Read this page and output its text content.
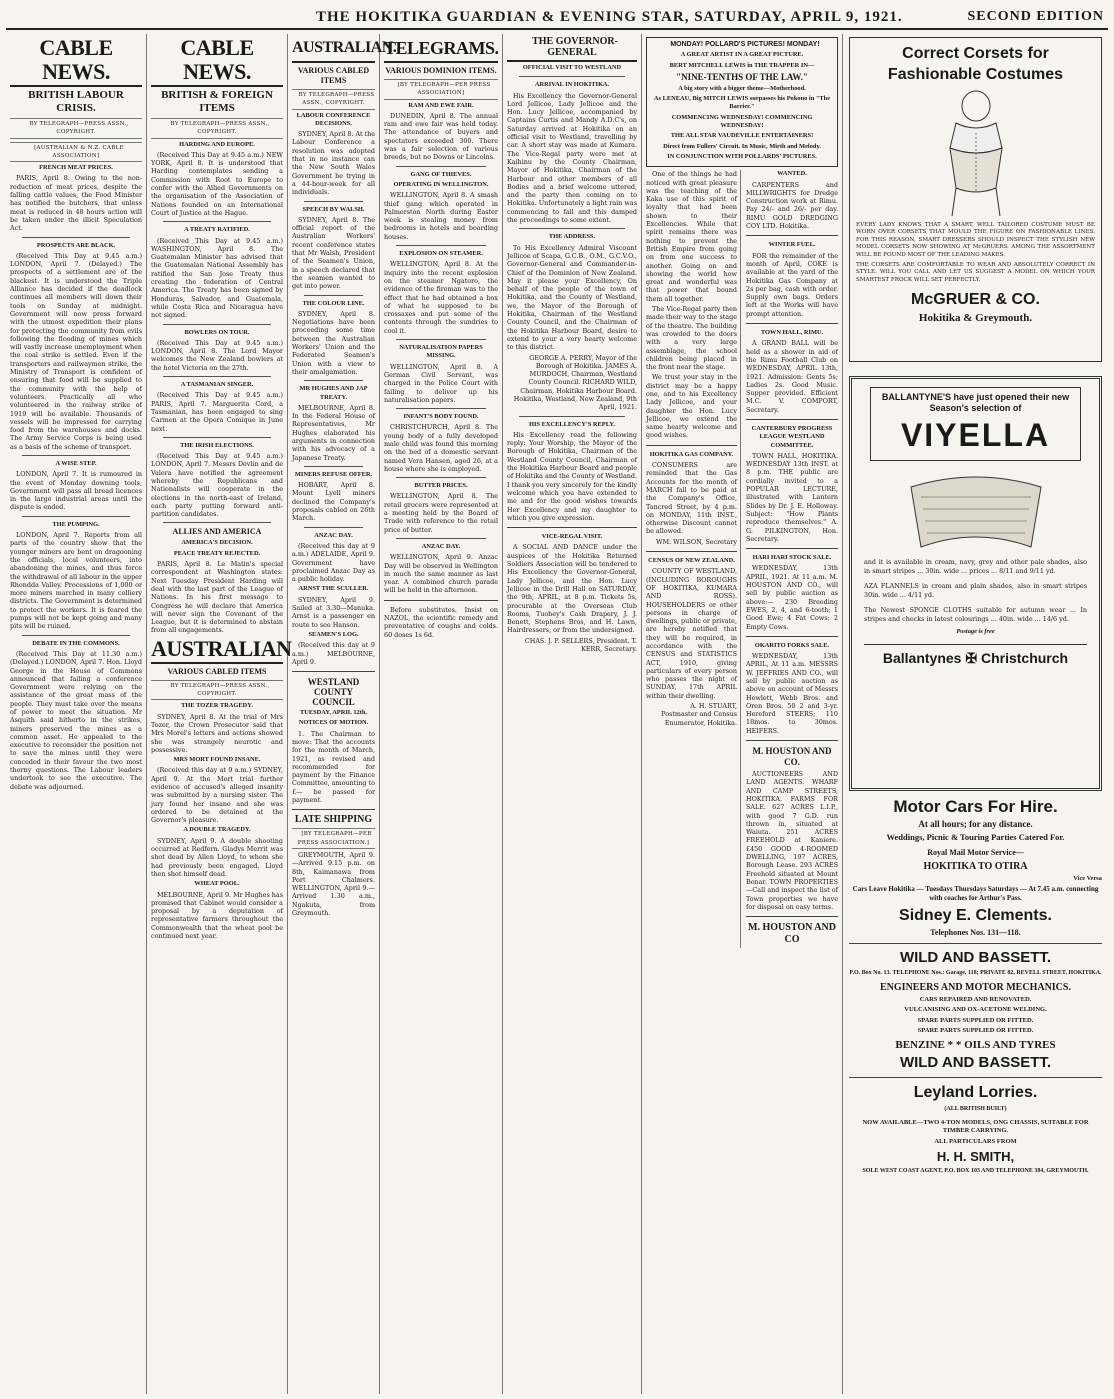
THE HOKITIKA GUARDIAN & EVENING STAR, SATURDAY, APRIL 9, 1921.	SECOND EDITION

CABLE NEWS.

BRITISH LABOUR CRISIS.

BY TELEGRAPH—PRESS ASSN., COPYRIGHT.

[AUSTRALIAN & N.Z. CABLE ASSOCIATION]

FRENCH MEAT PRICES.

PARIS, April 8. Owing to the non-reduction of meat prices, despite the falling cattle values, the Food Minister has notified the butchers, that unless meat is reduced in 48 hours action will be taken under the illicit Speculation Act.

PROSPECTS ARE BLACK.

(Received This Day at 9.45 a.m.) LONDON, April 7. (Delayed.) The prospects of a settlement are of the blackest. It is understood the Triple Alliance has decided if the deadlock continues all members will down their tools on Sunday at midnight. Government will now press forward with the utmost expedition their plans for protecting the community from evils following the flooding of mines which will vastly increase unemployment when the coal strike is settled. Even if the transporters and railwaymen strike, the Ministry of Transport is confident of ensuring that food will be supplied to the community with the help of volunteers. Practically all who volunteered in the railway strike of 1919 will be available. Thousands of vessels will be impressed for carrying food from the warehouses and docks. The Army Service Corps is being used as a basis of the scheme of transport.

A WISE STEP.

LONDON, April 7. It is rumoured in the event of Monday downing tools, Government will pass all bread licences in the large industrial areas until the dispute is ended.

THE PUMPING.

LONDON, April 7. Reports from all parts of the country show that the younger miners are bent on dragooning the officials, local volunteers, into abandoning the mines, and thus force the withdrawal of all labour in the upper Rhondda Valley. Processions of 1,000 or more miners marched in many colliery districts. The Government is determined to protect the workers. It is feared the pumps will not be kept going and many pits will be ruined.

DEBATE IN THE COMMONS.

(Received This Day at 11.30 a.m.) (Delayed.) LONDON, April 7. Hon. Lloyd George in the House of Commons announced that failing a conference Government were relying on the assistance of the great mass of the people. They must take over the means of power to meet the situation. Mr Asquith said hitherto in the strikes, miners preserved the mines as a common asset. He appealed to the executive to reconsider the position not to save the mines until they were conceded in their favour the two most thorny questions. The Labour leaders undertook to see the executive. The debate was adjourned.

CABLE NEWS.

BRITISH & FOREIGN ITEMS

BY TELEGRAPH—PRESS ASSN., COPYRIGHT.

HARDING AND EUROPE.

(Received This Day at 9.45 a.m.) NEW YORK, April 8. It is understood that Harding contemplates sending a Commission with Root to Europe to confer with the Allied Governments on the organisation of the Association of Nations founded on an International Court of Justice at the Hague.

A TREATY RATIFIED.

(Received This Day at 9.45 a.m.) WASHINGTON, April 8. The Guatemalan Minister has advised that the Guatemalan National Assembly has ratified the San Jose Treaty thus creating the federation of Central America. The Treaty has been signed by Honduras, Salvador, and Guatemala, while Costa Rica and Nicaragua have not signed.

BOWLERS ON TOUR.

(Received This Day at 9.45 a.m.) LONDON, April 8. The Lord Mayor welcomes the New Zealand bowlers at the hotel Victoria on the 27th.

A TASMANIAN SINGER.

(Received This Day at 9.45 a.m.) PARIS, April 7. Marguerita Cord, a Tasmanian, has been engaged to sing Carmen at the Opera Comique in June next.

THE IRISH ELECTIONS.

(Received This Day at 9.45 a.m.) LONDON, April 7. Messrs Devlin and de Valera have notified the agreement whereby the Republicans and Nationalists will cooperate in the elections in the north-east of Ireland, each party putting forward anti-partition candidates.

ALLIES AND AMERICA

AMERICA'S DECISION.

PEACE TREATY REJECTED.

PARIS, April 8. Le Matin's special correspondent at Washington states: Next Tuesday President Harding will deal with the last part of the League of Nations. In his first message to Congress he will declare that America will never sign the Covenant of the League, but it is determined to abstain from all engagements.

AUSTRALIAN

VARIOUS CABLED ITEMS

BY TELEGRAPH—PRESS ASSN., COPYRIGHT.

THE TOZER TRAGEDY.

SYDNEY, April 8. At the trial of Mrs Tozer, the Crown Prosecutor said that Mrs Morel's letters and actions showed she was strangely neurotic and possessive.

MRS MORT FOUND INSANE.

(Received this day at 9 a.m.) SYDNEY, April 9. At the Mort trial further evidence of accused's alleged insanity was submitted by a nursing sister. The jury found her insane and she was ordered to be detained at the Governor's pleasure.

A DOUBLE TRAGEDY.

SYDNEY, April 9. A double shooting occurred at Redfern. Gladys Merrit was shot dead by Allen Lloyd, to whom she had previously been engaged. Lloyd then shot himself dead.

WHEAT POOL.

MELBOURNE, April 9. Mr Hughes has promised that Cabinet would consider a proposal by a deputation of representative farmers throughout the Commonwealth that the wheat pool be continued next year.

AUSTRALIAN.

VARIOUS CABLED ITEMS

BY TELEGRAPH—PRESS ASSN., COPYRIGHT.

LABOUR CONFERENCE DECISIONS.

SYDNEY, April 8. At the Labour Conference a resolution was adopted that in no instance can the New South Wales Government be trying in a 44-hour-week for all individuals.

SPEECH BY WALSH.

SYDNEY, April 8. The official report of the Australian Workers' recent conference states that Mr Walsh, President of the Seamen's Union, in a speech declared that the seamen wanted to get into power.

THE COLOUR LINE.

SYDNEY, April 8. Negotiations have been proceeding some time between the Australian Workers' Union and the Federated Seamen's Union with a view to their amalgamation.

MR HUGHES AND JAP TREATY.

MELBOURNE, April 8. In the Federal House of Representatives, Mr Hughes elaborated his arguments in connection with his advocacy of a Japanese Treaty.

MINERS REFUSE OFFER.

HOBART, April 8. Mount Lyell miners declined the Company's proposals cabled on 26th March.

ANZAC DAY.

(Received this day at 9 a.m.) ADELAIDE, April 9. Government have proclaimed Anzac Day as a public holiday.

ARNST THE SCULLER.

SYDNEY, April 9. Sailed at 3.30—Manuka. Arnst is a passenger en route to see Hanson.

SEAMEN'S LOG.

(Received this day at 9 a.m.) MELBOURNE, April 9.

WESTLAND COUNTY COUNCIL

TUESDAY, APRIL 12th.

NOTICES OF MOTION.

1. The Chairman to move: That the accounts for the month of March, 1921, as revised and recommended for payment by the Finance Committee, amounting to £— be passed for payment.

LATE SHIPPING

[BY TELEGRAPH—PER PRESS ASSOCIATION.]

GREYMOUTH, April 9.—Arrived 9.15 p.m. on 8th, Kaimanawa from Port Chalmers. WELLINGTON, April 9.—Arrived 1.30 a.m., Ngakuta, from Greymouth.

TELEGRAMS.

VARIOUS DOMINION ITEMS.

[BY TELEGRAPH—PER PRESS ASSOCIATION]

RAM AND EWE FAIR.

DUNEDIN, April 8. The annual ram and ewe fair was held today. The attendance of buyers and spectators exceeded 300. There was a fair selection of various breeds, but no Downs or Lincolns.

GANG OF THIEVES.

OPERATING IN WELLINGTON.

WELLINGTON, April 8. A smash thief gang which operated in Palmerston North during Easter week is stealing money from bedrooms in hotels and boarding houses.

EXPLOSION ON STEAMER.

WELLINGTON, April 8. At the inquiry into the recent explosion on the steamer Ngatoro, the evidence of the fireman was to the effect that he had obtained a box of what he supposed to be crossaxes and put some of the contents through the sundries to cool it.

NATURALISATION PAPERS MISSING.

WELLINGTON, April 8. A German Civil Servant, was charged in the Police Court with failing to deliver up his naturalisation papers.

INFANT'S BODY FOUND.

CHRISTCHURCH, April 8. The young body of a fully developed male child was found this morning on the bed of a domestic servant named Vera Hansen, aged 26, at a house where she is employed.

BUTTER PRICES.

WELLINGTON, April 8. The retail grocers were represented at a meeting held by the Board of Trade with reference to the retail price of butter.

ANZAC DAY.

WELLINGTON, April 9. Anzac Day will be observed in Wellington in much the same manner as last year. A combined church parade will be held in the afternoon.

Before substitutes. Insist on NAZOL, the scientific remedy and preventative of coughs and colds. 60 doses 1s 6d.

THE GOVERNOR-GENERAL

OFFICIAL VISIT TO WESTLAND

ARRIVAL IN HOKITIKA.

His Excellency the Governor-General Lord Jellicoe, Lady Jellicoe and the Hon. Lucy Jellicoe, accompanied by Captains Curtis and Mandy A.D.C's, on Saturday arrived at Hokitika on an official visit to Westland, travelling by car. A short stay was made at Kumara. The Vice-Regal party were met at Kaihinu by the County Chairman, Mayor of Hokitika, Chairman of the Harbour and other members of all Bodies and a brief welcome uttered, and the party then coming on to Hokitika. Unfortunately a light rain was commencing to fall and this damped the proceedings to some extent.

THE ADDRESS.

To His Excellency Admiral Viscount Jellicoe of Scapa, G.C.B., O.M., G.C.V.O., Governor-General and Commander-in-Chief of the Dominion of New Zealand. May it please your Excellency, On behalf of the people of the town of Hokitika, and the County of Westland, we, the Mayor of the Borough of Hokitika, Chairman of the Westland County Council, and the Chairman of the Hokitika Harbour Board, desire to extend to your a very hearty welcome to this district.

GEORGE A. PERRY, Mayor of the Borough of Hokitika. JAMES A. MURDOCH, Chairman, Westland County Council. RICHARD WILD, Chairman, Hokitika Harbour Board. Hokitika, Westland, New Zealand, 9th April, 1921.

HIS EXCELLENCY'S REPLY.

His Excellency read the following reply: Your Worship, the Mayor of the Borough of Hokitika, Chairman of the Westland County Council, Chairman of the Hokitika Harbour Board and people of Hokitika and the County of Westland. I thank you very sincerely for the kindly welcome which you have extended to me and for the good wishes towards Her Excellency and my daughter to which you give expression.

VICE-REGAL VISIT.

A SOCIAL AND DANCE under the auspices of the Hokitika Returned Soldiers Association will be tendered to His Excellency the Governor-General, Lady Jellicoe, and the Hon. Lucy Jellicoe in the Drill Hall on SATURDAY, the 9th, APRIL, at 8 p.m. Tickets 5s, procurable at the Overseas Club Rooms, Tuohey's Cash Drapery, J. J. Benett, Stephens Bros, and H. Lawn, Hairdressers, or from the undersigned.

CHAS. J. P. SELLERS, President. T. KERR, Secretary.

MONDAY! POLLARD'S PICTURES! MONDAY!

A GREAT ARTIST IN A GREAT PICTURE.

BERT MITCHELL LEWIS in THE TRAPPER IN—

"NINE-TENTHS OF THE LAW."

A big story with a bigger theme—Motherhood.

As LENEAU, Big MITCH LEWIS surpasses his Pokono in "The Barrier."

COMMENCING WEDNESDAY! COMMENCING WEDNESDAY!

THE ALL STAR VAUDEVILLE ENTERTAINERS!

Direct from Fullers' Circuit. In Music, Mirth and Melody.

IN CONJUNCTION WITH POLLARDS' PICTURES.

One of the things he had noticed with great pleasure was the teaching of the Kaka use of this spirit of loyalty that had been shown to their Excellencies. While that spirit remains there was nothing to prevent the British Empire from going on from one success to another. Going on and showing the world how great and wonderful was that power that bound them all together.

The Vice-Regal party then made their way to the stage of the theatre. The building was crowded to the doors with a very large assemblage, the school children being placed in the front near the stage.

We trust your stay in the district may be a happy one, and to his Excellency Lady Jellicoe, and your daughter the Hon. Lucy Jellicoe, we extend the same hearty welcome and good wishes.

HOKITIKA GAS COMPANY.

CONSUMERS are reminded that the Gas Accounts for the month of MARCH fall to be paid at the Company's Office, Tancred Street, by 4 p.m. on MONDAY, 11th INST., otherwise Discount cannot be allowed.

WM. WILSON, Secretary

CENSUS OF NEW ZEALAND.

COUNTY OF WESTLAND, (INCLUDING BOROUGHS OF HOKITIKA, KUMARA AND ROSS). HOUSEHOLDERS or other persons in charge of dwellings, public or private, are hereby notified that they will be required, in accordance with the CENSUS and STATISTICS ACT, 1910, giving particulars of every person who passes the night of SUNDAY, 17th APRIL within their dwelling.

A. H. STUART, Postmaster and Census Enumerator, Hokitika.

WANTED.

CARPENTERS and MILLWRIGHTS for Dredge Construction work at Rimu. Pay 24/- and 26/- per day. RIMU GOLD DREDGING COY LTD. Hokitika.

WINTER FUEL.

FOR the remainder of the month of April, COKE is available at the yard of the Hokitika Gas Company at 2s per bag, cash with order. Supply own bags. Orders left at the Works will have prompt attention.

TOWN HALL, RIMU.

A GRAND BALL will be held as a shower in aid of the Rimu Football Club on WEDNESDAY, APRIL 13th, 1921. Admission: Gents 5s; Ladies 2s. Good Music. Supper provided. Efficient M.C. V. COMPORT, Secretary.

CANTERBURY PROGRESS LEAGUE WESTLAND COMMITTEE.

TOWN HALL, HOKITIKA. WEDNESDAY 13th INST. at 8 p.m. THE public are cordially invited to a POPULAR LECTURE, illustrated with Lantern Slides by Dr. J. E. Holloway. Subject: "How Plants reproduce themselves." A. G. PILKINGTON, Hon. Secretary.

HARI HARI STOCK SALE.

WEDNESDAY, 13th APRIL, 1921. At 11 a.m. M. HOUSTON AND CO., will sell by public auction as above:— 230 Breeding EWES, 2, 4, and 6-tooth; 1 Good Ewe; 4 Fat Cows; 2 Empty Cows.

OKARITO FORKS SALE.

WEDNESDAY, 13th APRIL, At 11 a.m. MESSRS W. JEFFRIES AND CO., will sell by public auction as above on account of Messrs Hewlett, Webb Bros. and Oren Bros. 50 2 and 3-yr. Hereford STEERS; 110 18mos. to 30mos. HEIFERS.

M. HOUSTON AND CO.

AUCTIONEERS AND LAND AGENTS. WHARF AND CAMP STREETS, HOKITIKA. FARMS FOR SALE. 627 ACRES L.I.P., with good 7 G.D. run thrown in, situated at Waiuta. 251 ACRES FREEHOLD at Kaniere. £450 GOOD 4-ROOMED DWELLING, 197 ACRES, Borough Lease. 293 ACRES Freehold situated at Mount Bonar. TOWN PROPERTIES—Call and inspect the list of Town properties we have for disposal on easy terms.

M. HOUSTON AND CO

Correct Corsets for

Fashionable Costumes

EVERY LADY KNOWS THAT A SMART, WELL TAILORED COSTUME MUST BE WORN OVER CORSETS THAT MOULD THE FIGURE ON FASHIONABLE LINES. FOR THIS REASON, SMART DRESSERS SHOULD INSPECT THE STYLISH NEW MODEL CORSETS NOW SHOWING AT McGRUERS. AMONG THE ASSORTMENT WILL BE FOUND MOST OF THE LEADING MAKES.

THE CORSETS ARE COMFORTABLE TO WEAR AND ABSOLUTELY CORRECT IN STYLE. WILL YOU CALL AND LET US SUGGEST A MODEL ON WHICH YOUR SMARTEST FROCK WILL SET PERFECTLY.

McGRUER & CO.

Hokitika & Greymouth.

BALLANTYNE'S have just opened their new Season's selection of

VIYELLA

and it is available in cream, navy, grey and other pale shades, also in smart stripes ... 30in. wide ... prices ... 8/11 and 9/11 yd.

AZA FLANNELS in cream and plain shades, also in smart stripes 30in. wide ... 4/11 yd.

The Newest SPONGE CLOTHS suitable for autumn wear ... In stripes and checks in latest colourings ... 40in. wide ... 14/6 yd.

Postage is free

Ballantynes ✠ Christchurch

Motor Cars For Hire.

At all hours; for any distance.

Weddings, Picnic & Touring Parties Catered For.

Royal Mail Motor Service—

HOKITIKA TO OTIRA

Vice Versa

Cars Leave Hokitika — Tuesdays Thursdays Saturdays — At 7.45 a.m. connecting with coaches for Arthur's Pass.

Sidney E. Clements.

Telephones Nos. 131—118.

WILD AND BASSETT.

P.O. Box No. 13. TELEPHONE Nos.: Garage, 118; PRIVATE 82, REVELL STREET, HOKITIKA.

ENGINEERS AND MOTOR MECHANICS.

CARS REPAIRED AND RENOVATED.

VULCANISING AND OX-ACETONE WELDING.

SPARE PARTS SUPPLIED OR FITTED.

SPARE PARTS SUPPLIED OR FITTED.

BENZINE * * OILS AND TYRES

WILD AND BASSETT.

Leyland Lorries.

(ALL BRITISH BUILT)

NOW AVAILABLE—TWO 4-TON MODELS, ONG CHASSIS, SUITABLE FOR TIMBER CARRYING.

ALL PARTICULARS FROM

H. H. SMITH,

SOLE WEST COAST AGENT, P.O. BOX 103 AND TELEPHONE 384, GREYMOUTH.
